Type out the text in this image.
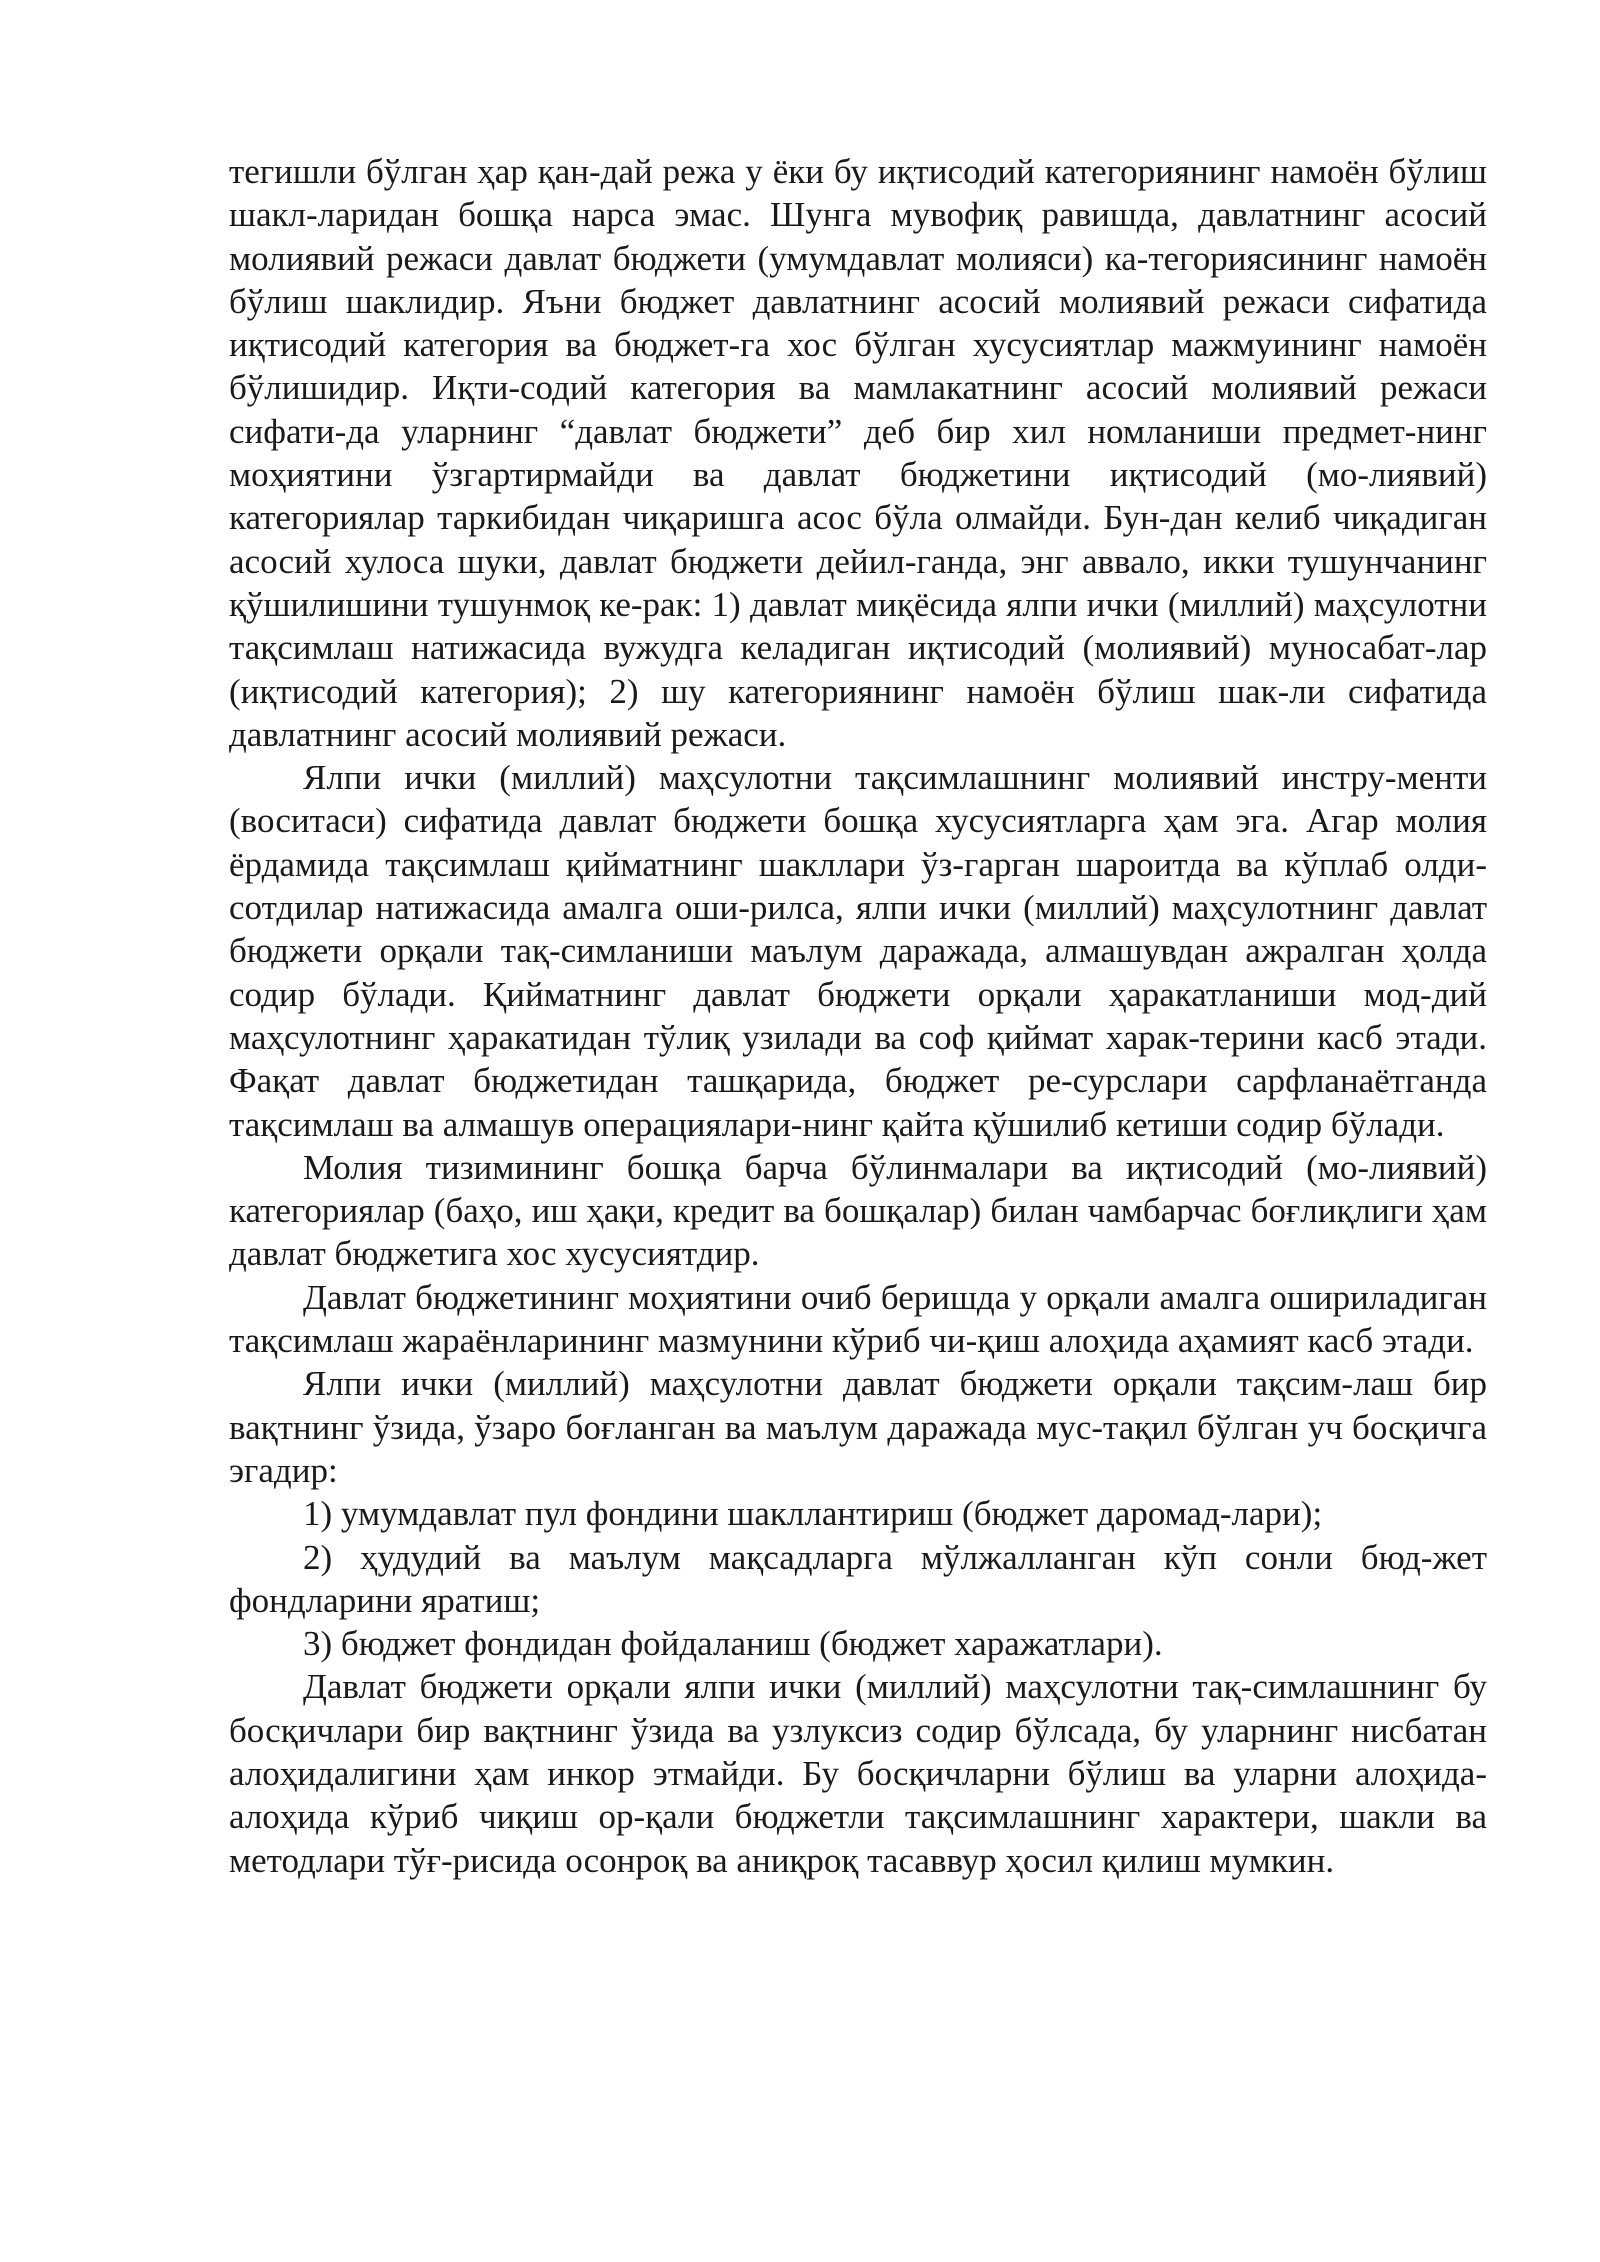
тегишли бўлган ҳар қан-дай режа у ёки бу иқтисодий категориянинг намоён бўлиш шакл-ларидан бошқа нарса эмас. Шунга мувофиқ равишда, давлатнинг асосий молиявий режаси давлат бюджети (умумдавлат молияси) ка-тегориясининг намоён бўлиш шаклидир. Яъни бюджет давлатнинг асосий молиявий режаси сифатида иқтисодий категория ва бюджет-га хос бўлган хусусиятлар мажмуининг намоён бўлишидир. Иқти-содий категория ва мамлакатнинг асосий молиявий режаси сифати-да уларнинг “давлат бюджети” деб бир хил номланиши предмет-нинг моҳиятини ўзгартирмайди ва давлат бюджетини иқтисодий (мо-лиявий) категориялар таркибидан чиқаришга асос бўла олмайди. Бун-дан келиб чиқадиган асосий хулоса шуки, давлат бюджети дейил-ганда, энг аввало, икки тушунчанинг қўшилишини тушунмоқ ке-рак: 1) давлат миқёсида ялпи ички (миллий) маҳсулотни тақсимлаш натижасида вужудга келадиган иқтисодий (молиявий) муносабат-лар (иқтисодий категория); 2) шу категориянинг намоён бўлиш шак-ли сифатида давлатнинг асосий молиявий режаси.

Ялпи ички (миллий) маҳсулотни тақсимлашнинг молиявий инстру-менти (воситаси) сифатида давлат бюджети бошқа хусусиятларга ҳам эга. Агар молия ёрдамида тақсимлаш қийматнинг шакллари ўз-гарган шароитда ва кўплаб олди-сотдилар натижасида амалга оши-рилса, ялпи ички (миллий) маҳсулотнинг давлат бюджети орқали тақ-симланиши маълум даражада, алмашувдан ажралган ҳолда содир бўлади. Қийматнинг давлат бюджети орқали ҳаракатланиши мод-дий маҳсулотнинг ҳаракатидан тўлиқ узилади ва соф қиймат харак-терини касб этади. Фақат давлат бюджетидан ташқарида, бюджет ре-сурслари сарфланаётганда тақсимлаш ва алмашув операциялари-нинг қайта қўшилиб кетиши содир бўлади.

Молия тизимининг бошқа барча бўлинмалари ва иқтисодий (мо-лиявий) категориялар (баҳо, иш ҳақи, кредит ва бошқалар) билан чамбарчас боғлиқлиги ҳам давлат бюджетига хос хусусиятдир.

Давлат бюджетининг моҳиятини очиб беришда у орқали амалга ошириладиган тақсимлаш жараёнларининг мазмунини кўриб чи-қиш алоҳида аҳамият касб этади.

Ялпи ички (миллий) маҳсулотни давлат бюджети орқали тақсим-лаш бир вақтнинг ўзида, ўзаро боғланган ва маълум даражада мус-тақил бўлган уч босқичга эгадир:

1) умумдавлат пул фондини шакллантириш (бюджет даромад-лари);

2) ҳудудий ва маълум мақсадларга мўлжалланган кўп сонли бюд-жет фондларини яратиш;

3) бюджет фондидан фойдаланиш (бюджет харажатлари).

Давлат бюджети орқали ялпи ички (миллий) маҳсулотни тақ-симлашнинг бу босқичлари бир вақтнинг ўзида ва узлуксиз содир бўлсада, бу уларнинг нисбатан алоҳидалигини ҳам инкор этмайди. Бу босқичларни бўлиш ва уларни алоҳида-алоҳида кўриб чиқиш ор-қали бюджетли тақсимлашнинг характери, шакли ва методлари тўғ-рисида осонроқ ва аниқроқ тасаввур ҳосил қилиш мумкин.
